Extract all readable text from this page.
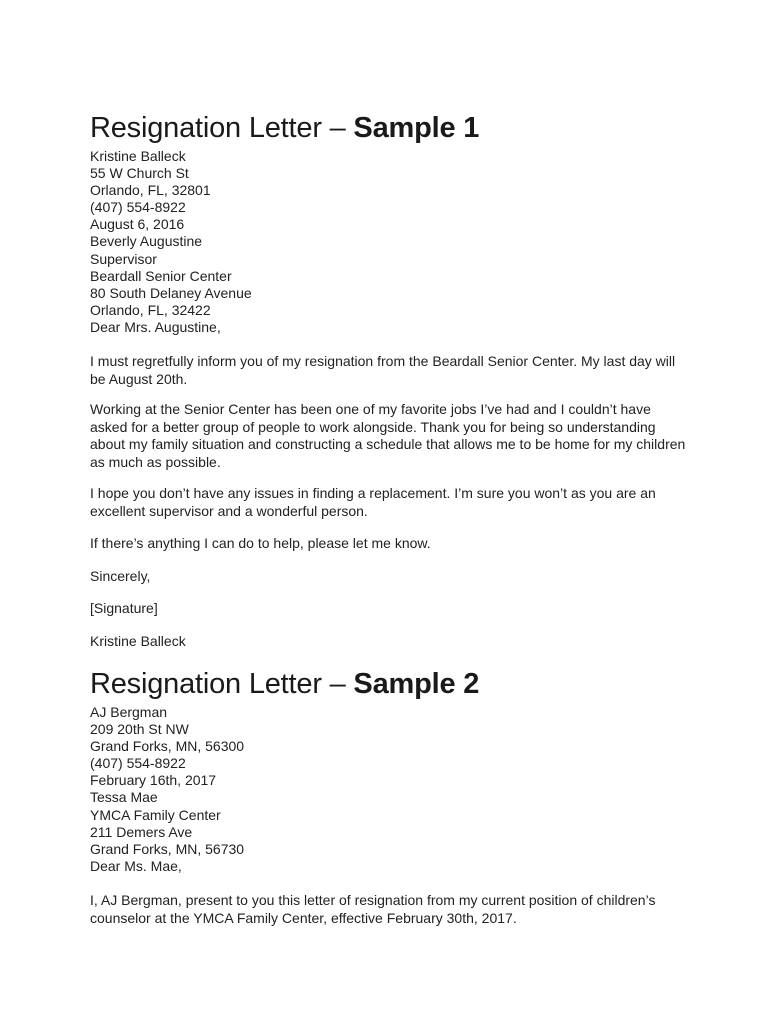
Resignation Letter – Sample 1
Kristine Balleck
55 W Church St
Orlando, FL, 32801
(407) 554-8922
August 6, 2016
Beverly Augustine
Supervisor
Beardall Senior Center
80 South Delaney Avenue
Orlando, FL, 32422
Dear Mrs. Augustine,

I must regretfully inform you of my resignation from the Beardall Senior Center. My last day will be August 20th.

Working at the Senior Center has been one of my favorite jobs I’ve had and I couldn’t have asked for a better group of people to work alongside. Thank you for being so understanding about my family situation and constructing a schedule that allows me to be home for my children as much as possible.

I hope you don’t have any issues in finding a replacement. I’m sure you won’t as you are an excellent supervisor and a wonderful person.

If there’s anything I can do to help, please let me know.

Sincerely,

[Signature]

Kristine Balleck

Resignation Letter – Sample 2
AJ Bergman
209 20th St NW
Grand Forks, MN, 56300
(407) 554-8922
February 16th, 2017
Tessa Mae
YMCA Family Center
211 Demers Ave
Grand Forks, MN, 56730
Dear Ms. Mae,

I, AJ Bergman, present to you this letter of resignation from my current position of children’s counselor at the YMCA Family Center, effective February 30th, 2017.
